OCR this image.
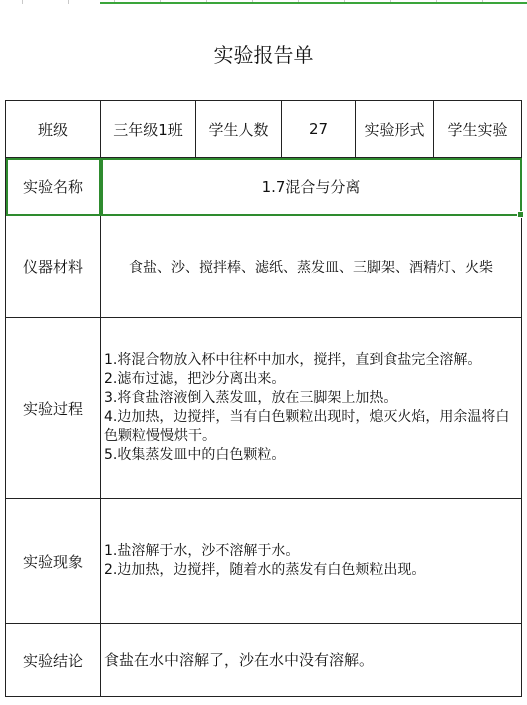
实验报告单
班级	三年级1班	学生人数	27	实验形式	学生实验
实验名称	1.7混合与分离				

仪器材料	食盐、沙、搅拌棒、滤纸、蒸发皿、三脚架、酒精灯、火柴				
实验过程	1.将混合物放入杯中往杯中加水，搅拌，直到食盐完全溶解。
2.滤布过滤，把沙分离出来。
3.将食盐溶液倒入蒸发皿，放在三脚架上加热。
4.边加热，边搅拌，当有白色颗粒出现时，熄灭火焰，用余温将白色颗粒慢慢烘干。
5.收集蒸发皿中的白色颗粒。				

实验现象	1.盐溶解于水，沙不溶解于水。
2.边加热，边搅拌，随着水的蒸发有白色颊粒出现。				

实验结论	食盐在水中溶解了，沙在水中没有溶解。				
